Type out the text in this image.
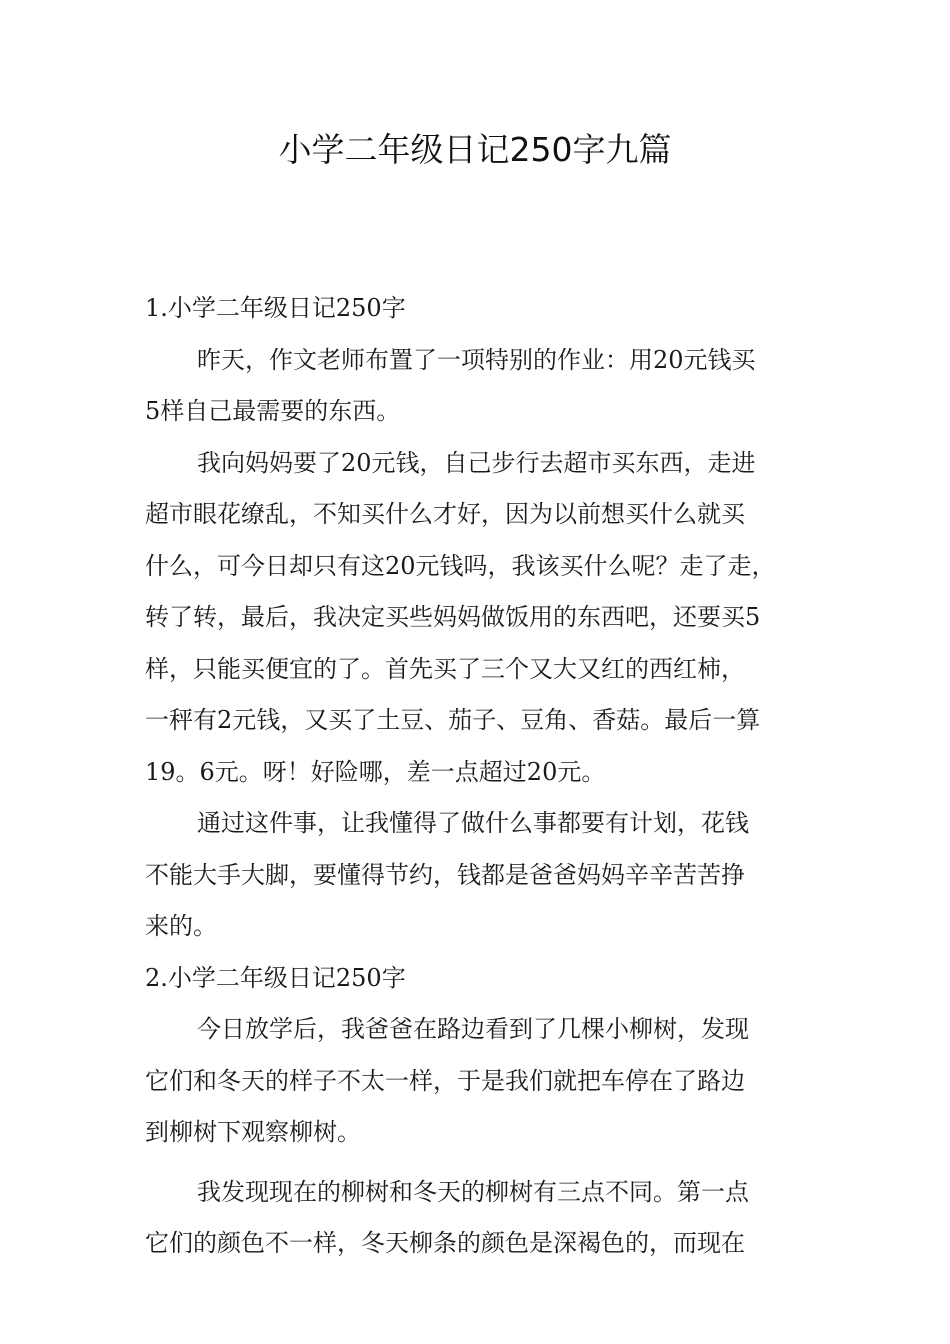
小学二年级日记250字九篇
1.小学二年级日记250字
昨天，作文老师布置了一项特别的作业：用20元钱买
5样自己最需要的东西。
我向妈妈要了20元钱，自己步行去超市买东西，走进
超市眼花缭乱，不知买什么才好，因为以前想买什么就买
什么，可今日却只有这20元钱吗，我该买什么呢？走了走，
转了转，最后，我决定买些妈妈做饭用的东西吧，还要买5
样，只能买便宜的了。首先买了三个又大又红的西红柿，
一秤有2元钱，又买了土豆、茄子、豆角、香菇。最后一算
19。6元。呀！好险哪，差一点超过20元。
通过这件事，让我懂得了做什么事都要有计划，花钱
不能大手大脚，要懂得节约，钱都是爸爸妈妈辛辛苦苦挣
来的。
2.小学二年级日记250字
今日放学后，我爸爸在路边看到了几棵小柳树，发现
它们和冬天的样子不太一样，于是我们就把车停在了路边
到柳树下观察柳树。
我发现现在的柳树和冬天的柳树有三点不同。第一点
它们的颜色不一样，冬天柳条的颜色是深褐色的，而现在
